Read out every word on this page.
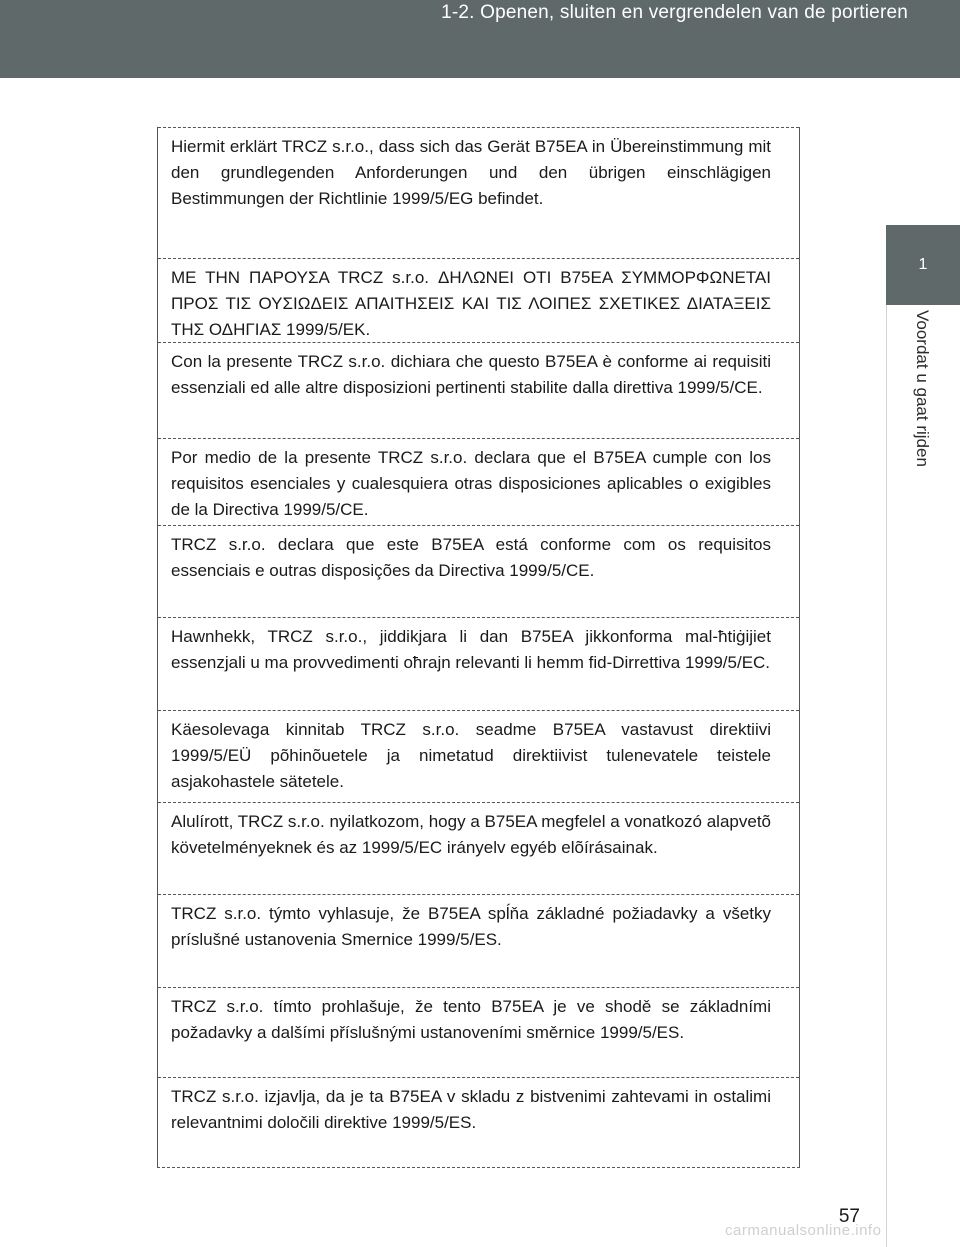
1-2. Openen, sluiten en vergrendelen van de portieren
1
Voordat u gaat rijden
Hiermit erklärt TRCZ s.r.o., dass sich das Gerät B75EA in Übereinstimmung mit den grundlegenden Anforderungen und den übrigen einschlägigen Bestimmungen der Richtlinie 1999/5/EG befindet.
ΜΕ ΤΗΝ ΠΑΡΟΥΣΑ TRCZ s.r.o. ΔΗΛΩΝΕΙ ΟΤΙ B75EA ΣΥΜΜΟΡΦΩΝΕΤΑΙ ΠΡΟΣ ΤΙΣ ΟΥΣΙΩΔΕΙΣ ΑΠΑΙΤΗΣΕΙΣ ΚΑΙ ΤΙΣ ΛΟΙΠΕΣ ΣΧΕΤΙΚΕΣ ΔΙΑΤΑΞΕΙΣ ΤΗΣ ΟΔΗΓΙΑΣ 1999/5/ΕΚ.
Con la presente TRCZ s.r.o. dichiara che questo B75EA è conforme ai requisiti essenziali ed alle altre disposizioni pertinenti stabilite dalla direttiva 1999/5/CE.
Por medio de la presente TRCZ s.r.o. declara que el B75EA cumple con los requisitos esenciales y cualesquiera otras disposiciones aplicables o exigibles de la Directiva 1999/5/CE.
TRCZ s.r.o. declara que este B75EA está conforme com os requisitos essenciais e outras disposições da Directiva 1999/5/CE.
Hawnhekk, TRCZ s.r.o., jiddikjara li dan B75EA jikkonforma mal-ħtiġijiet essenzjali u ma provvedimenti oħrajn relevanti li hemm fid-Dirrettiva 1999/5/EC.
Käesolevaga kinnitab TRCZ s.r.o. seadme B75EA vastavust direktiivi 1999/5/EÜ põhinõuetele ja nimetatud direktiivist tulenevatele teistele asjakohastele sätetele.
Alulírott, TRCZ s.r.o. nyilatkozom, hogy a B75EA megfelel a vonatkozó alapvetõ követelményeknek és az 1999/5/EC irányelv egyéb elõírásainak.
TRCZ s.r.o. týmto vyhlasuje, že B75EA spĺňa základné požiadavky a všetky príslušné ustanovenia Smernice 1999/5/ES.
TRCZ s.r.o. tímto prohlašuje, že tento B75EA je ve shodě se základními požadavky a dalšími příslušnými ustanoveními směrnice 1999/5/ES.
TRCZ s.r.o. izjavlja, da je ta B75EA v skladu z bistvenimi zahtevami in ostalimi relevantnimi določili direktive 1999/5/ES.
57
carmanualsonline.info
